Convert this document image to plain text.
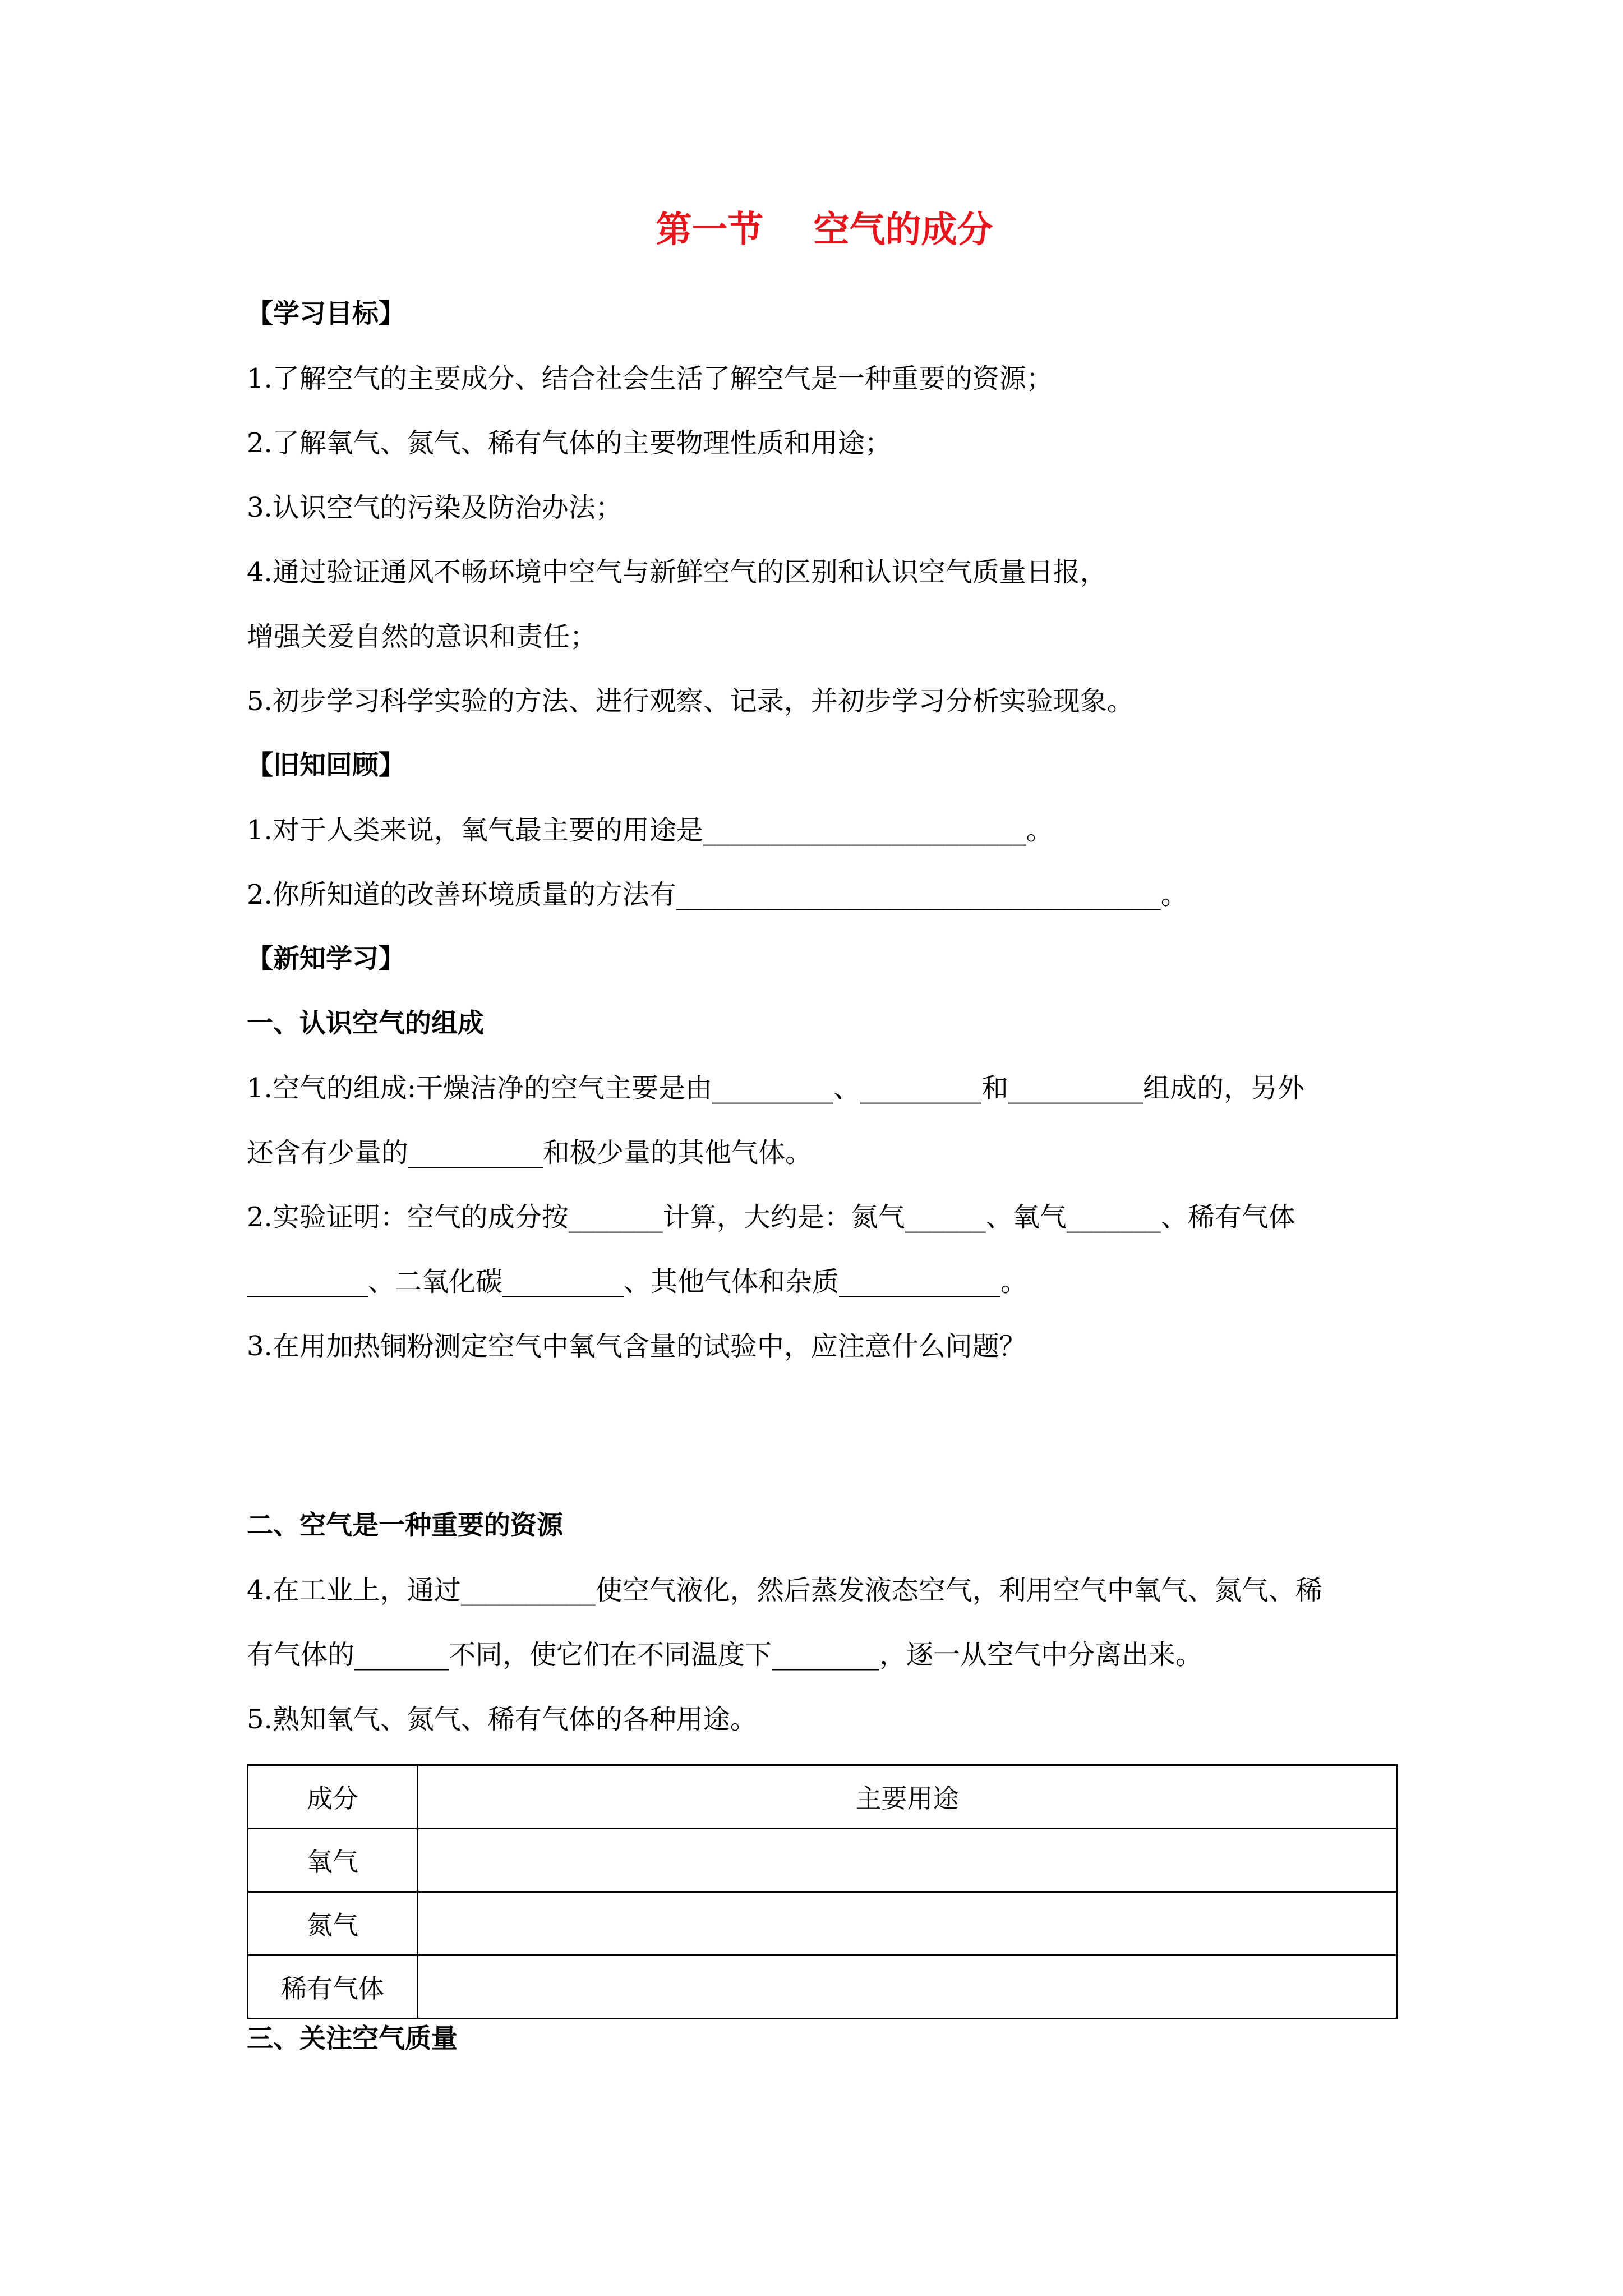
第一节    空气的成分
【学习目标】
1.了解空气的主要成分、结合社会生活了解空气是一种重要的资源；
2.了解氧气、氮气、稀有气体的主要物理性质和用途；
3.认识空气的污染及防治办法；
4.通过验证通风不畅环境中空气与新鲜空气的区别和认识空气质量日报，
增强关爱自然的意识和责任；
5.初步学习科学实验的方法、进行观察、记录，并初步学习分析实验现象。
【旧知回顾】
1.对于人类来说，氧气最主要的用途是________________________。
2.你所知道的改善环境质量的方法有____________________________________。
【新知学习】
一、认识空气的组成
1.空气的组成:干燥洁净的空气主要是由_________、_________和__________组成的，另外
还含有少量的__________和极少量的其他气体。
2.实验证明：空气的成分按_______计算，大约是：氮气______、氧气_______、稀有气体
_________、二氧化碳_________、其他气体和杂质____________。
3.在用加热铜粉测定空气中氧气含量的试验中，应注意什么问题？
二、空气是一种重要的资源
4.在工业上，通过__________使空气液化，然后蒸发液态空气，利用空气中氧气、氮气、稀
有气体的_______不同，使它们在不同温度下________，逐一从空气中分离出来。
5.熟知氧气、氮气、稀有气体的各种用途。
成分	主要用途
氧气	
氮气	
稀有气体	
三、关注空气质量
